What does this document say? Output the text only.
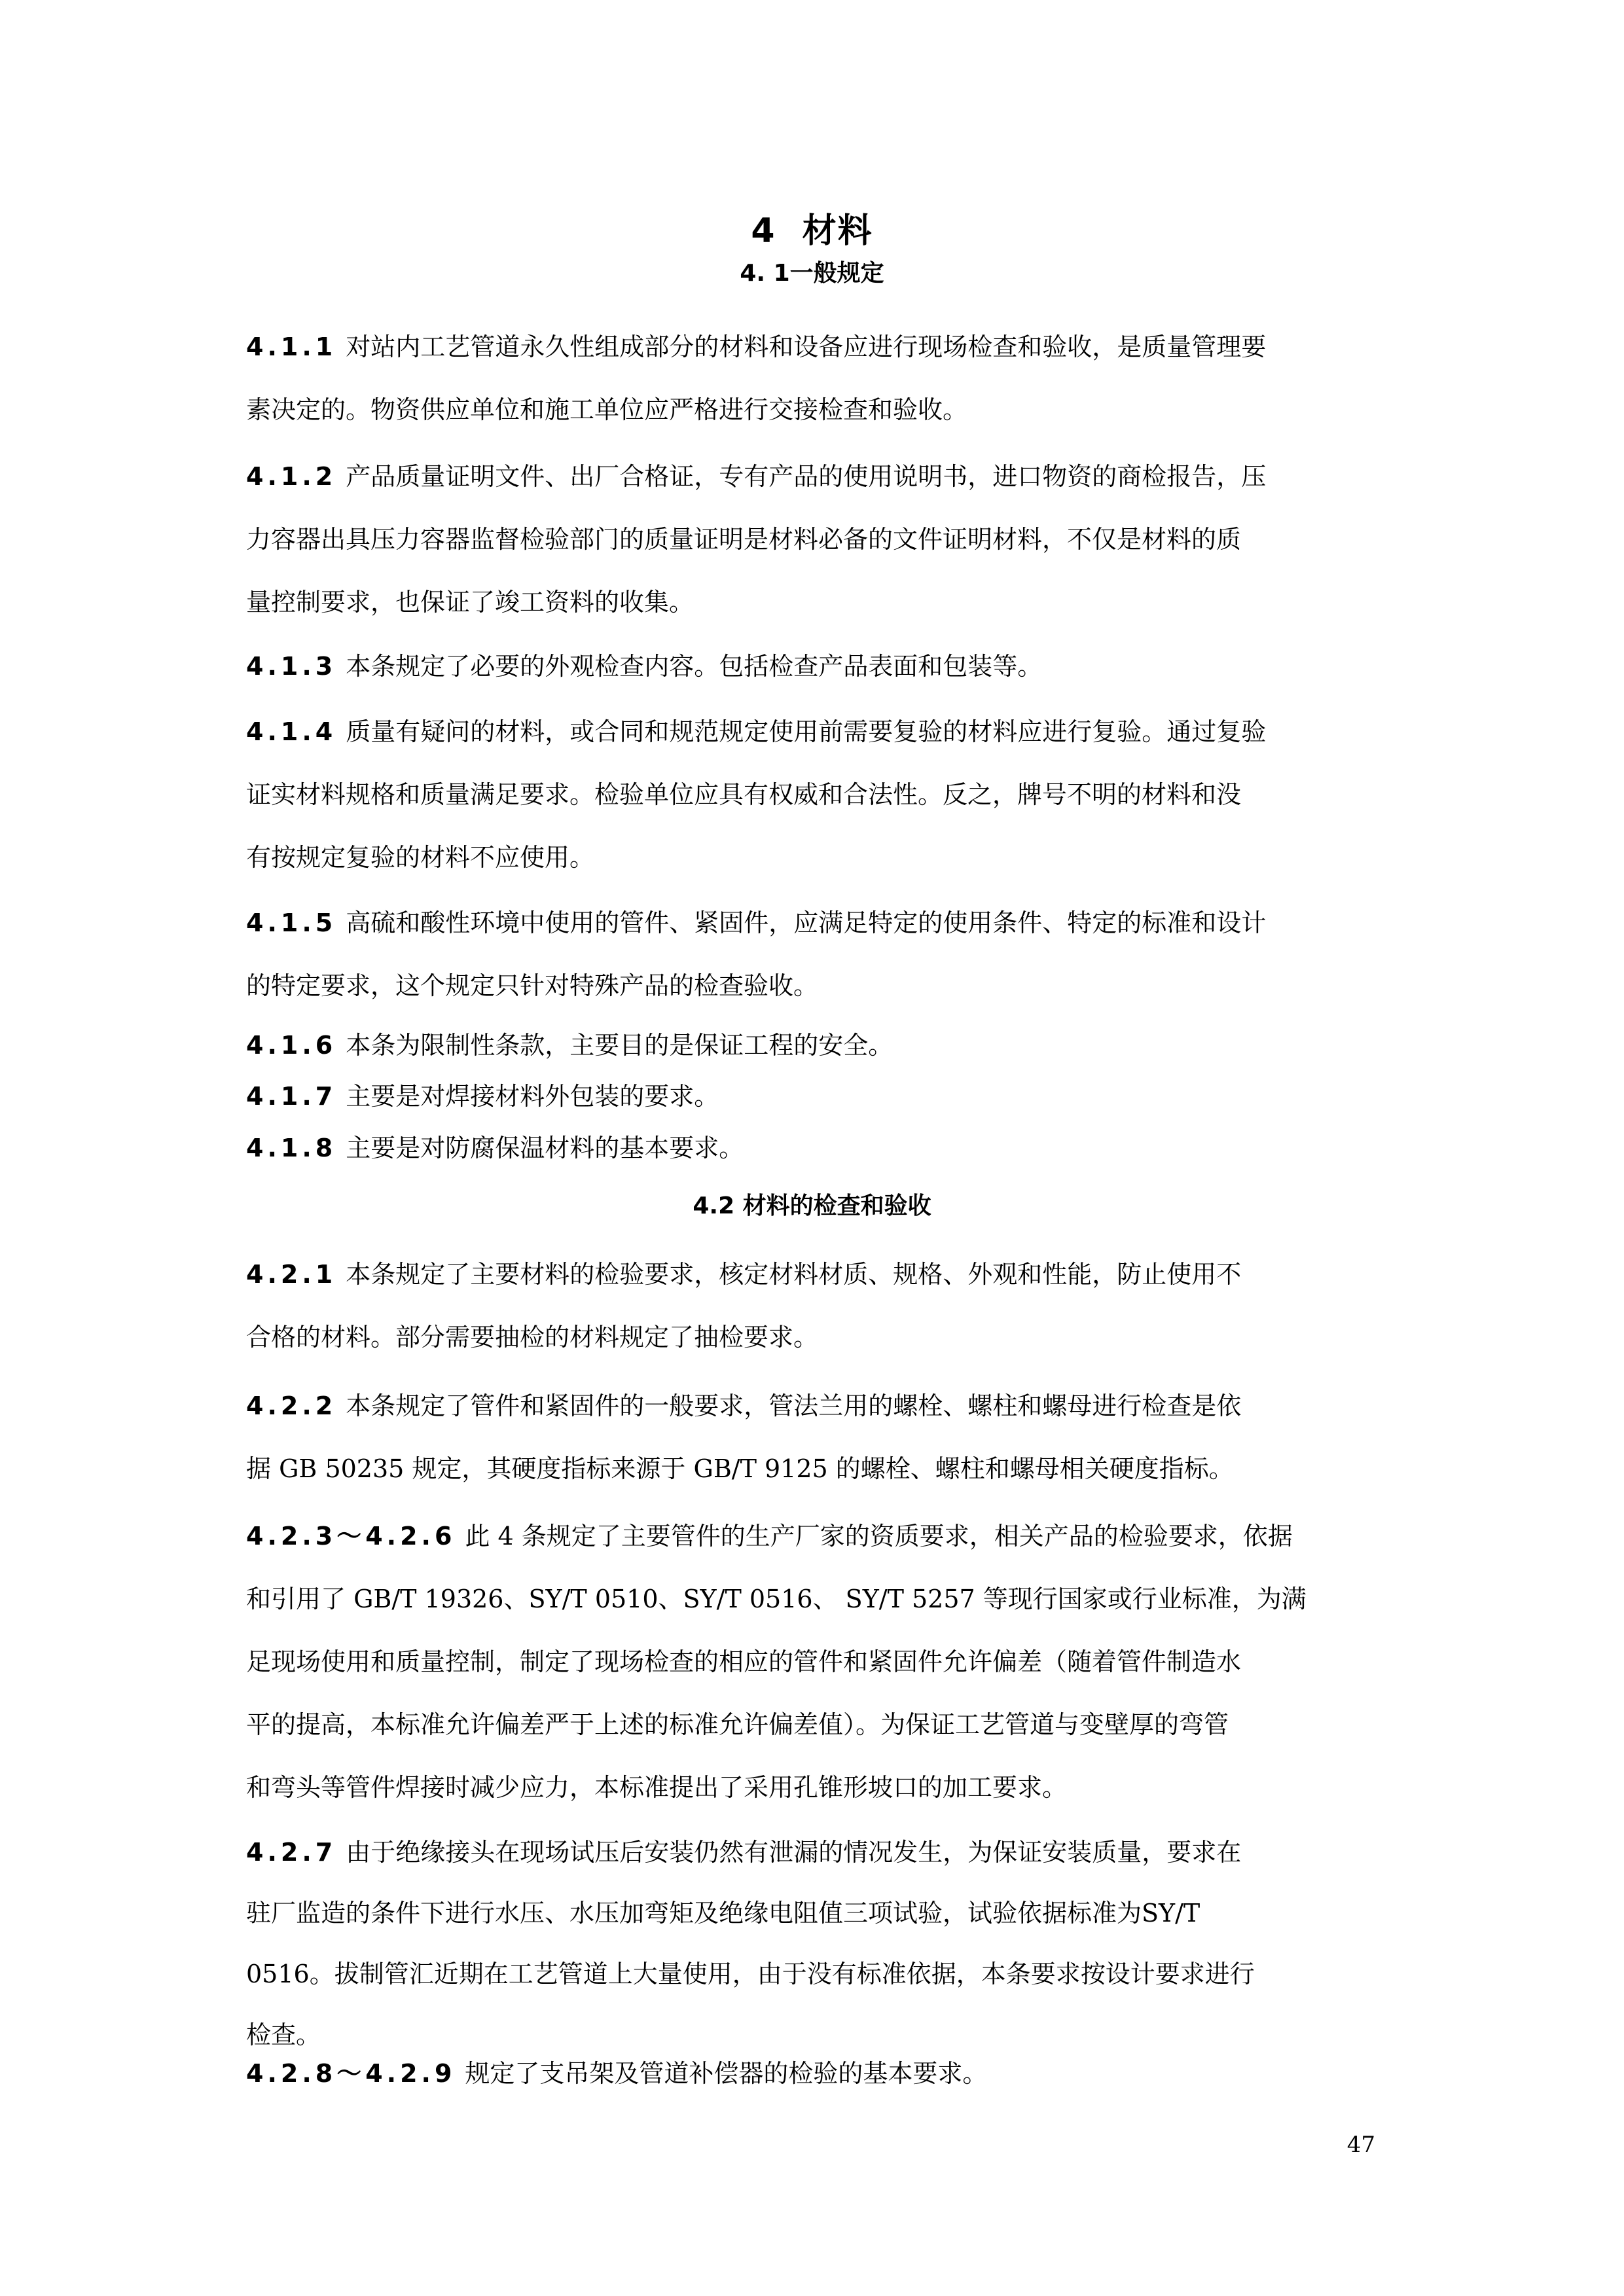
4 材料
4. 1一般规定
4.1.1 对站内工艺管道永久性组成部分的材料和设备应进行现场检查和验收，是质量管理要
素决定的。物资供应单位和施工单位应严格进行交接检查和验收。
4.1.2 产品质量证明文件、出厂合格证，专有产品的使用说明书，进口物资的商检报告，压
力容器出具压力容器监督检验部门的质量证明是材料必备的文件证明材料，不仅是材料的质
量控制要求，也保证了竣工资料的收集。
4.1.3 本条规定了必要的外观检查内容。包括检查产品表面和包装等。
4.1.4 质量有疑问的材料，或合同和规范规定使用前需要复验的材料应进行复验。通过复验
证实材料规格和质量满足要求。检验单位应具有权威和合法性。反之，牌号不明的材料和没
有按规定复验的材料不应使用。
4.1.5 高硫和酸性环境中使用的管件、紧固件，应满足特定的使用条件、特定的标准和设计
的特定要求，这个规定只针对特殊产品的检查验收。
4.1.6 本条为限制性条款，主要目的是保证工程的安全。
4.1.7 主要是对焊接材料外包装的要求。
4.1.8 主要是对防腐保温材料的基本要求。
4.2 材料的检查和验收
4.2.1 本条规定了主要材料的检验要求，核定材料材质、规格、外观和性能，防止使用不
合格的材料。部分需要抽检的材料规定了抽检要求。
4.2.2 本条规定了管件和紧固件的一般要求，管法兰用的螺栓、螺柱和螺母进行检查是依
据 GB 50235 规定，其硬度指标来源于 GB/T 9125 的螺栓、螺柱和螺母相关硬度指标。
4.2.3～4.2.6 此 4 条规定了主要管件的生产厂家的资质要求，相关产品的检验要求，依据
和引用了 GB/T 19326、SY/T 0510、SY/T 0516、 SY/T 5257 等现行国家或行业标准，为满
足现场使用和质量控制，制定了现场检查的相应的管件和紧固件允许偏差（随着管件制造水
平的提高，本标准允许偏差严于上述的标准允许偏差值）。为保证工艺管道与变壁厚的弯管
和弯头等管件焊接时减少应力，本标准提出了采用孔锥形坡口的加工要求。
4.2.7 由于绝缘接头在现场试压后安装仍然有泄漏的情况发生，为保证安装质量，要求在
驻厂监造的条件下进行水压、水压加弯矩及绝缘电阻值三项试验，试验依据标准为SY/T
0516。拔制管汇近期在工艺管道上大量使用，由于没有标准依据，本条要求按设计要求进行
检查。
4.2.8～4.2.9 规定了支吊架及管道补偿器的检验的基本要求。
47
